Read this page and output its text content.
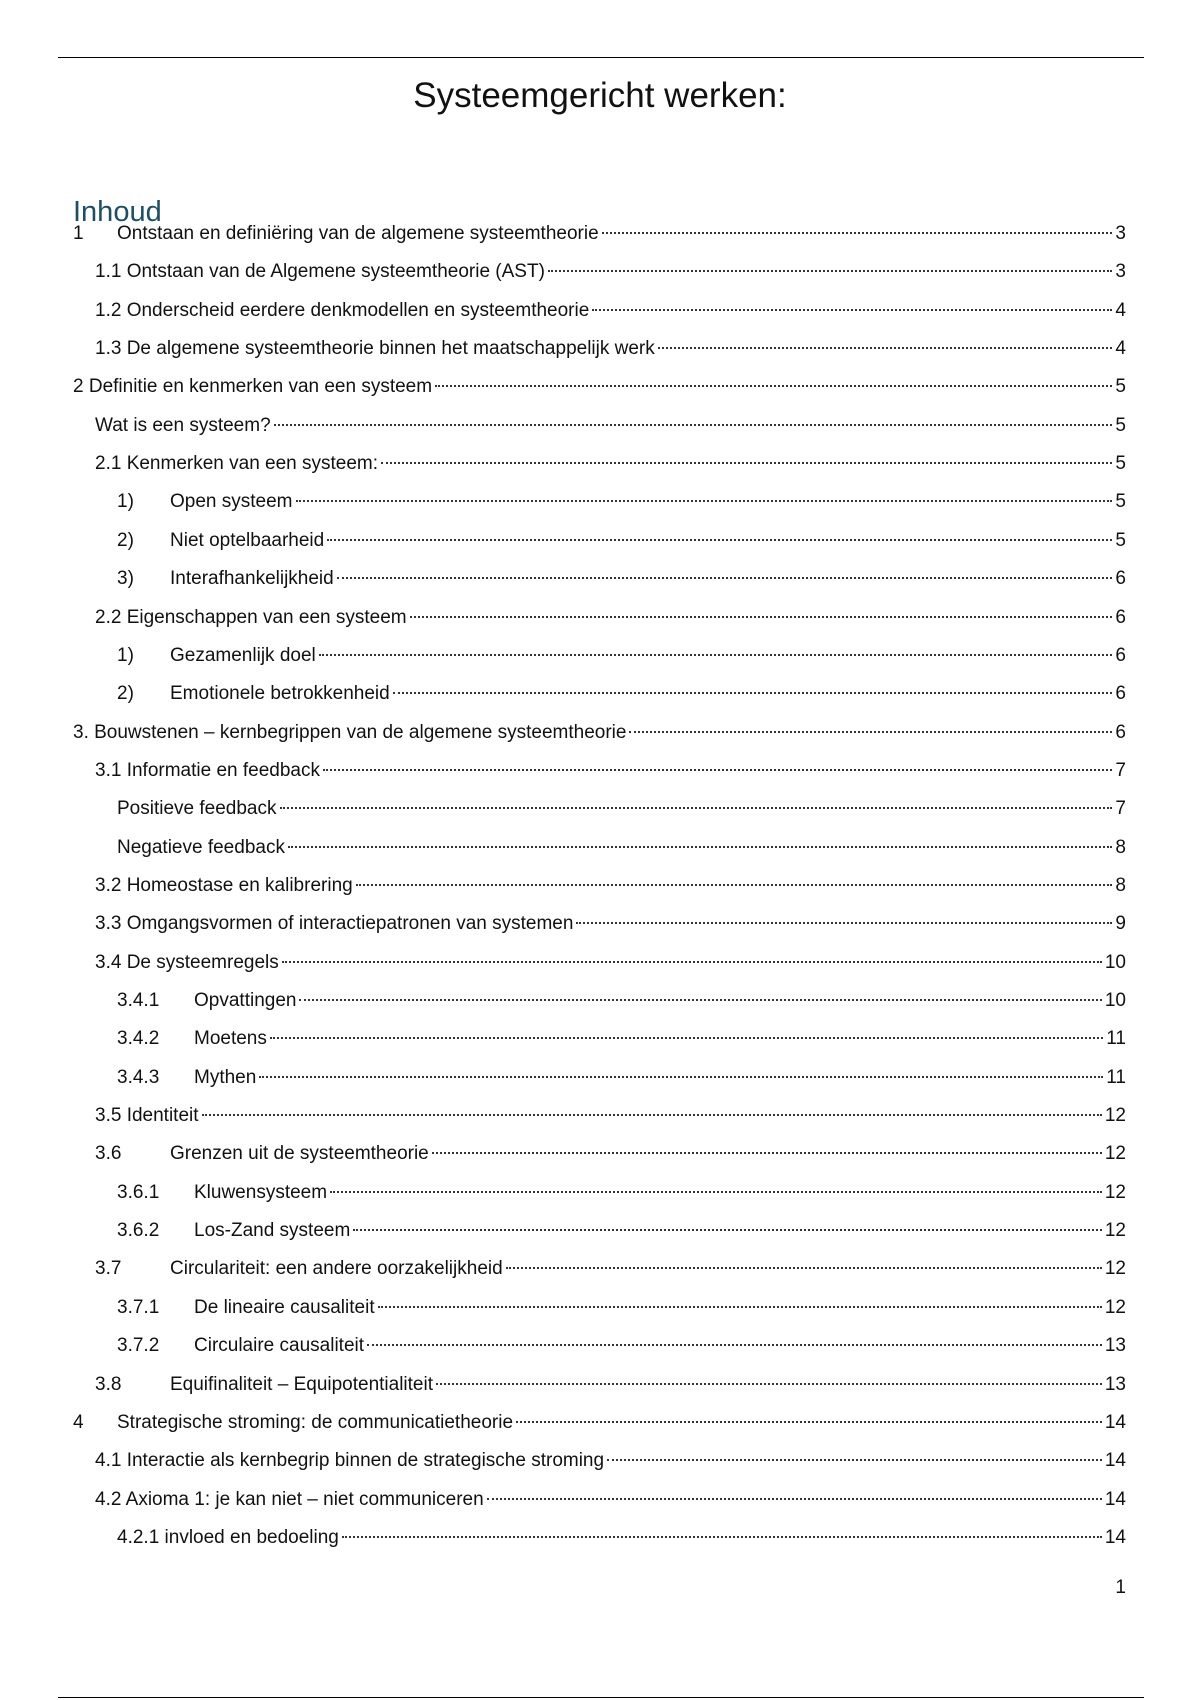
Systeemgericht werken:
Inhoud

1

1	Ontstaan en definiëring van de algemene systeemtheorie	3
1.1 Ontstaan van de Algemene systeemtheorie (AST)	3
1.2 Onderscheid eerdere denkmodellen en systeemtheorie	4
1.3 De algemene systeemtheorie binnen het maatschappelijk werk	4
2 Definitie en kenmerken van een systeem	5
Wat is een systeem?	5
2.1 Kenmerken van een systeem:	5
1)	Open systeem	5
2)	Niet optelbaarheid	5
3)	Interafhankelijkheid	6
2.2 Eigenschappen van een systeem	6
1)	Gezamenlijk doel	6
2)	Emotionele betrokkenheid	6
3. Bouwstenen – kernbegrippen van de algemene systeemtheorie	6
3.1 Informatie en feedback	7
Positieve feedback	7
Negatieve feedback	8
3.2 Homeostase en kalibrering	8
3.3 Omgangsvormen of interactiepatronen van systemen	9
3.4 De systeemregels	10
3.4.1	Opvattingen	10
3.4.2	Moetens	11
3.4.3	Mythen	11
3.5 Identiteit	12
3.6	Grenzen uit de systeemtheorie	12
3.6.1	Kluwensysteem	12
3.6.2	Los-Zand systeem	12
3.7	Circulariteit: een andere oorzakelijkheid	12
3.7.1	De lineaire causaliteit	12
3.7.2	Circulaire causaliteit	13
3.8	Equifinaliteit – Equipotentialiteit	13
4	Strategische stroming: de communicatietheorie	14
4.1 Interactie als kernbegrip binnen de strategische stroming	14
4.2 Axioma 1: je kan niet – niet communiceren	14
4.2.1 invloed en bedoeling	14
